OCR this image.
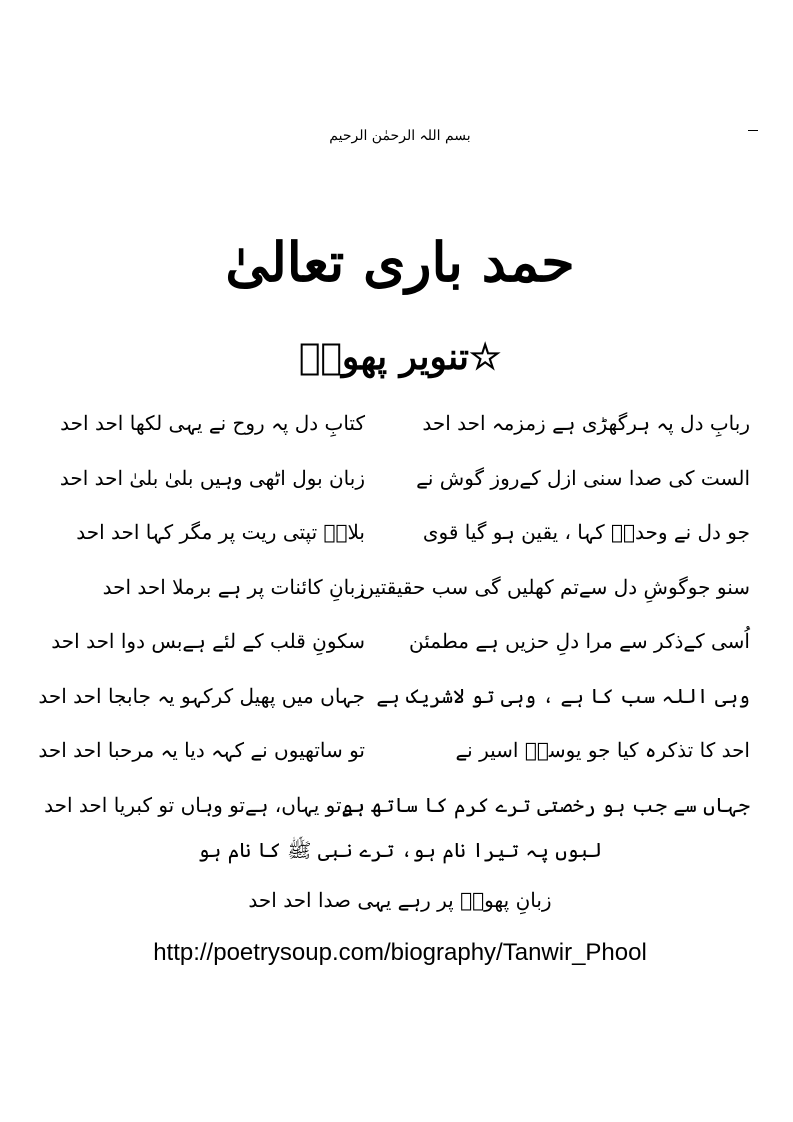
بسم اللہ الرحمٰن الرحیم
حمد باری تعالیٰ
☆تنویر پھولؔ
ربابِ دل پہ ہرگھڑی ہے زمزمہ احد احد
کتابِ دل پہ روح نے یہی لکھا احد احد
الست کی صدا سنی ازل کےروز گوش نے
زبان بول اٹھی وہیں بلیٰ بلیٰ احد احد
جو دل نے وحدہٗ کہا ، یقین ہو گیا قوی
بلالؓ تپتی ریت پر مگر کہا احد احد
سنو جوگوشِ دل سےتم کھلیں گی سب حقیقتیں
زبانِ کائنات پر ہے برملا احد احد
اُسی کےذکر سے مرا دلِ حزیں ہے مطمئن
سکونِ قلب کے لئے ہےبس دوا احد احد
وہی اللہ سب کا ہے ، وہی تو لاشریک ہے
جہاں میں پھیل کرکہو یہ جابجا احد احد
احد کا تذکرہ کیا جو یوسفؑ اسیر نے
تو ساتھیوں نے کہہ دیا یہ مرحبا احد احد
جہاں سے جب ہو رخصتی ترے کرم کا ساتھ ہو
ہےتو یہاں، ہےتو وہاں تو کبریا احد احد
لبوں پہ تیرا نام ہو، ترے نبی ﷺ کا نام ہو
زبانِ پھولؔ پر رہے یہی صدا احد احد
http://poetrysoup.com/biography/Tanwir_Phool
